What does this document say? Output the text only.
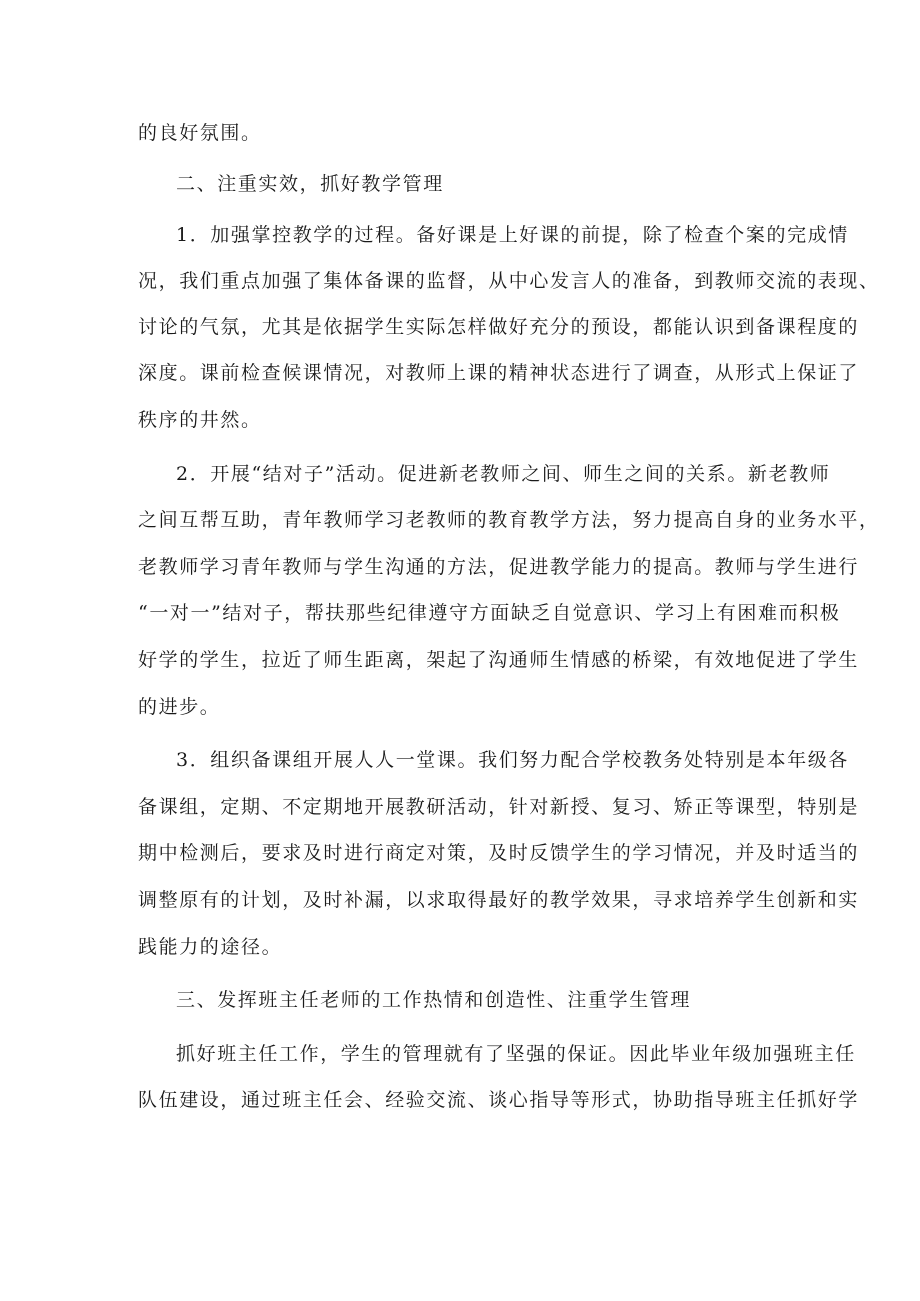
的良好氛围。
二、注重实效，抓好教学管理
1．加强掌控教学的过程。备好课是上好课的前提，除了检查个案的完成情
况，我们重点加强了集体备课的监督，从中心发言人的准备，到教师交流的表现、
讨论的气氛，尤其是依据学生实际怎样做好充分的预设，都能认识到备课程度的
深度。课前检查候课情况，对教师上课的精神状态进行了调查，从形式上保证了
秩序的井然。
2．开展“结对子”活动。促进新老教师之间、师生之间的关系。新老教师
之间互帮互助，青年教师学习老教师的教育教学方法，努力提高自身的业务水平，
老教师学习青年教师与学生沟通的方法，促进教学能力的提高。教师与学生进行
“一对一”结对子，帮扶那些纪律遵守方面缺乏自觉意识、学习上有困难而积极
好学的学生，拉近了师生距离，架起了沟通师生情感的桥梁，有效地促进了学生
的进步。
3．组织备课组开展人人一堂课。我们努力配合学校教务处特别是本年级各
备课组，定期、不定期地开展教研活动，针对新授、复习、矫正等课型，特别是
期中检测后，要求及时进行商定对策，及时反馈学生的学习情况，并及时适当的
调整原有的计划，及时补漏，以求取得最好的教学效果，寻求培养学生创新和实
践能力的途径。
三、发挥班主任老师的工作热情和创造性、注重学生管理
抓好班主任工作，学生的管理就有了坚强的保证。因此毕业年级加强班主任
队伍建设，通过班主任会、经验交流、谈心指导等形式，协助指导班主任抓好学
